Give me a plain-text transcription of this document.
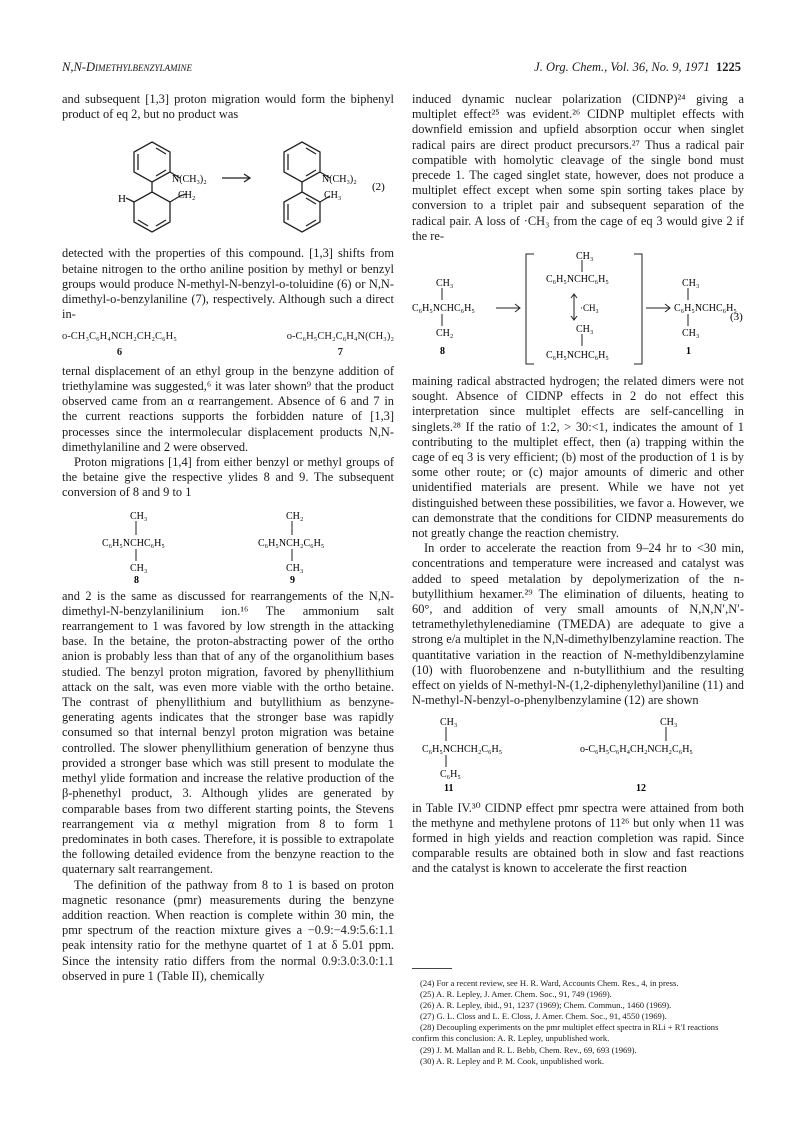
N,N-Dimethylbenzylamine	J. Org. Chem., Vol. 36, No. 9, 1971 1225

and subsequent [1,3] proton migration would form the biphenyl product of eq 2, but no product was

N(CH₃)₂
H	CH₂
N(CH₃)₂
CH₃
(2)

detected with the properties of this compound. [1,3] shifts from betaine nitrogen to the ortho aniline position by methyl or benzyl groups would produce N-methyl-N-benzyl-o-toluidine (6) or N,N-dimethyl-o-benzylaniline (7), respectively. Although such a direct in-

o-CH₃C₆H₄NCH₂CH₂C₆H₅
6
o-C₆H₅CH₂C₆H₄N(CH₃)₂
7

ternal displacement of an ethyl group in the benzyne addition of triethylamine was suggested,⁶ it was later shown⁹ that the product observed came from an α rearrangement. Absence of 6 and 7 in the current reactions supports the forbidden nature of [1,3] processes since the intermolecular displacement products N,N-dimethylaniline and 2 were observed.

Proton migrations [1,4] from either benzyl or methyl groups of the betaine give the respective ylides 8 and 9. The subsequent conversion of 8 and 9 to 1

CH₃
C₆H₅NCHC₆H₅
CH₃
8
CH₂
C₆H₅NCH₂C₆H₅
CH₃
9

and 2 is the same as discussed for rearrangements of the N,N-dimethyl-N-benzylanilinium ion.¹⁶ The ammonium salt rearrangement to 1 was favored by low strength in the attacking base. In the betaine, the proton-abstracting power of the ortho anion is probably less than that of any of the organolithium bases studied. The benzyl proton migration, favored by phenyllithium attack on the salt, was even more viable with the ortho betaine. The contrast of phenyllithium and butyllithium as benzyne-generating agents indicates that the stronger base was rapidly consumed so that internal benzyl proton migration was betaine controlled. The slower phenyllithium generation of benzyne thus provided a stronger base which was still present to modulate the methyl ylide formation and increase the relative production of the β-phenethyl product, 3. Although ylides are generated by comparable bases from two different starting points, the Stevens rearrangement via α methyl migration from 8 to form 1 predominates in both cases. Therefore, it is possible to extrapolate the following detailed evidence from the benzyne reaction to the quaternary salt rearrangement.

The definition of the pathway from 8 to 1 is based on proton magnetic resonance (pmr) measurements during the benzyne addition reaction. When reaction is complete within 30 min, the pmr spectrum of the reaction mixture gives a −0.9:−4.9:5.6:1.1 peak intensity ratio for the methyne quartet of 1 at δ 5.01 ppm. Since the intensity ratio differs from the normal 0.9:3.0:3.0:1.1 observed in pure 1 (Table II), chemically

induced dynamic nuclear polarization (CIDNP)²⁴ giving a multiplet effect²⁵ was evident.²⁶ CIDNP multiplet effects with downfield emission and upfield absorption occur when singlet radical pairs are direct product precursors.²⁷ Thus a radical pair compatible with homolytic cleavage of the single bond must precede 1. The caged singlet state, however, does not produce a multiplet effect except when some spin sorting takes place by conversion to a triplet pair and subsequent separation of the radical pair. A loss of ·CH₃ from the cage of eq 3 would give 2 if the re-

CH₃
C₆H₅NCHC₆H₅
CH₂
8
CH₃
C₆H₅NCHC₆H₅
·CH₃
CH₃
C₆H₅NCHC₆H₅
CH₃
C₆H₅NCHC₆H₅
CH₃
1
(3)

maining radical abstracted hydrogen; the related dimers were not sought. Absence of CIDNP effects in 2 do not effect this interpretation since multiplet effects are self-cancelling in singlets.²⁸ If the ratio of 1:2, > 30:<1, indicates the amount of 1 contributing to the multiplet effect, then (a) trapping within the cage of eq 3 is very efficient; (b) most of the production of 1 is by some other route; or (c) major amounts of dimeric and other unidentified materials are present. While we have not yet distinguished between these possibilities, we favor a. However, we can demonstrate that the conditions for CIDNP measurements do not greatly change the reaction chemistry.

In order to accelerate the reaction from 9–24 hr to <30 min, concentrations and temperature were increased and catalyst was added to speed metalation by depolymerization of the n-butyllithium hexamer.²⁹ The elimination of diluents, heating to 60°, and addition of very small amounts of N,N,N′,N′-tetramethylethylenediamine (TMEDA) are adequate to give a strong e/a multiplet in the N,N-dimethylbenzylamine reaction. The quantitative variation in the reaction of N-methyldibenzylamine (10) with fluorobenzene and n-butyllithium and the resulting effect on yields of N-methyl-N-(1,2-diphenylethyl)aniline (11) and N-methyl-N-benzyl-o-phenylbenzylamine (12) are shown

CH₃
C₆H₅NCHCH₂C₆H₅
C₆H₅
11
CH₃
o-C₆H₅C₆H₄CH₂NCH₂C₆H₅
12

in Table IV.³⁰ CIDNP effect pmr spectra were attained from both the methyne and methylene protons of 11²⁶ but only when 11 was formed in high yields and reaction completion was rapid. Since comparable results are obtained both in slow and fast reactions and the catalyst is known to accelerate the first reaction

(24) For a recent review, see H. R. Ward, Accounts Chem. Res., 4, in press.
(25) A. R. Lepley, J. Amer. Chem. Soc., 91, 749 (1969).
(26) A. R. Lepley, ibid., 91, 1237 (1969); Chem. Commun., 1460 (1969).
(27) G. L. Closs and L. E. Closs, J. Amer. Chem. Soc., 91, 4550 (1969).
(28) Decoupling experiments on the pmr multiplet effect spectra in RLi + R′I reactions confirm this conclusion: A. R. Lepley, unpublished work.
(29) J. M. Mallan and R. L. Bebb, Chem. Rev., 69, 693 (1969).
(30) A. R. Lepley and P. M. Cook, unpublished work.
